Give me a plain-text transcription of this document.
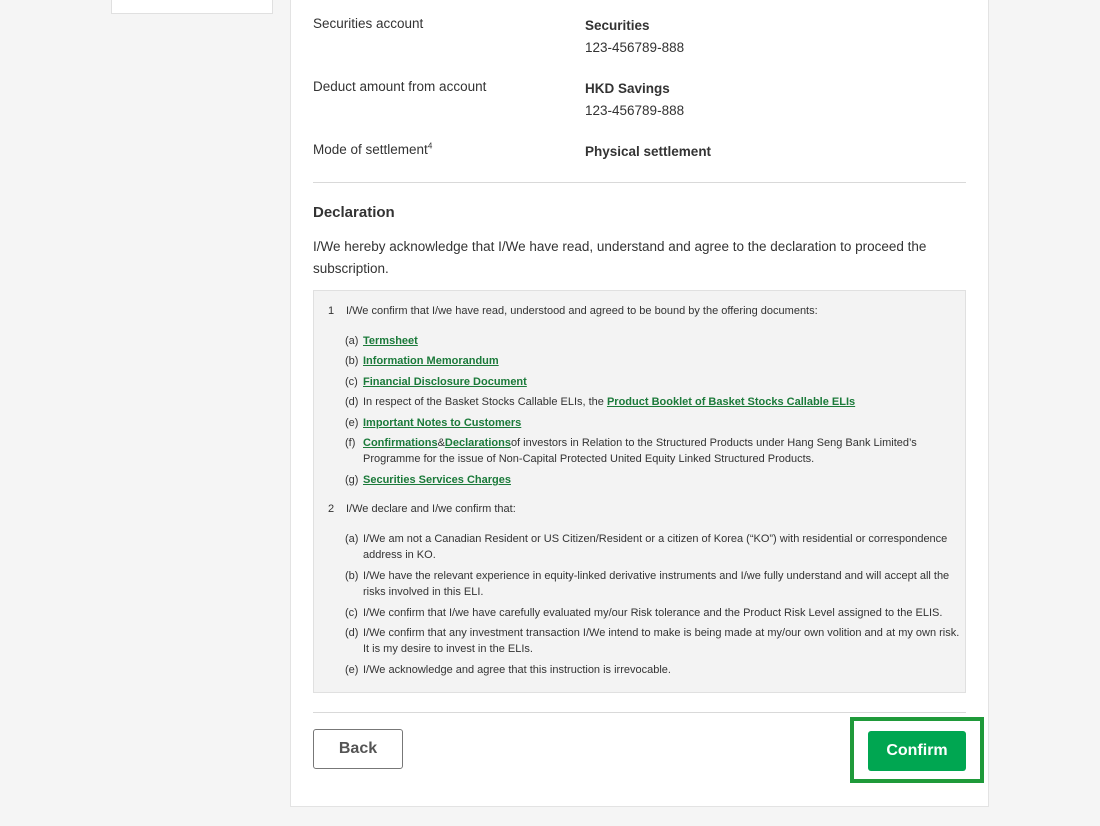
Securities account	Securities
123-456789-888
Deduct amount from account	HKD Savings
123-456789-888
Mode of settlement$^4$	Physical settlement
Declaration
I/We hereby acknowledge that I/We have read, understand and agree to the declaration to proceed the subscription.
1 I/We confirm that I/we have read, understood and agreed to be bound by the offering documents:
(a) Termsheet
(b) Information Memorandum
(c) Financial Disclosure Document
(d) In respect of the Basket Stocks Callable ELIs, the Product Booklet of Basket Stocks Callable ELIs
(e) Important Notes to Customers
(f) Confirmations&Declarationsof investors in Relation to the Structured Products under Hang Seng Bank Limited’s Programme for the issue of Non-Capital Protected United Equity Linked Structured Products.
(g) Securities Services Charges
2 I/We declare and I/we confirm that:
(a) I/We am not a Canadian Resident or US Citizen/Resident or a citizen of Korea (“KO”) with residential or correspondence address in KO.
(b) I/We have the relevant experience in equity-linked derivative instruments and I/we fully understand and will accept all the risks involved in this ELI.
(c) I/We confirm that I/we have carefully evaluated my/our Risk tolerance and the Product Risk Level assigned to the ELIS.
(d) I/We confirm that any investment transaction I/We intend to make is being made at my/our own volition and at my own risk. It is my desire to invest in the ELIs.
(e) I/We acknowledge and agree that this instruction is irrevocable.
Back	Confirm
